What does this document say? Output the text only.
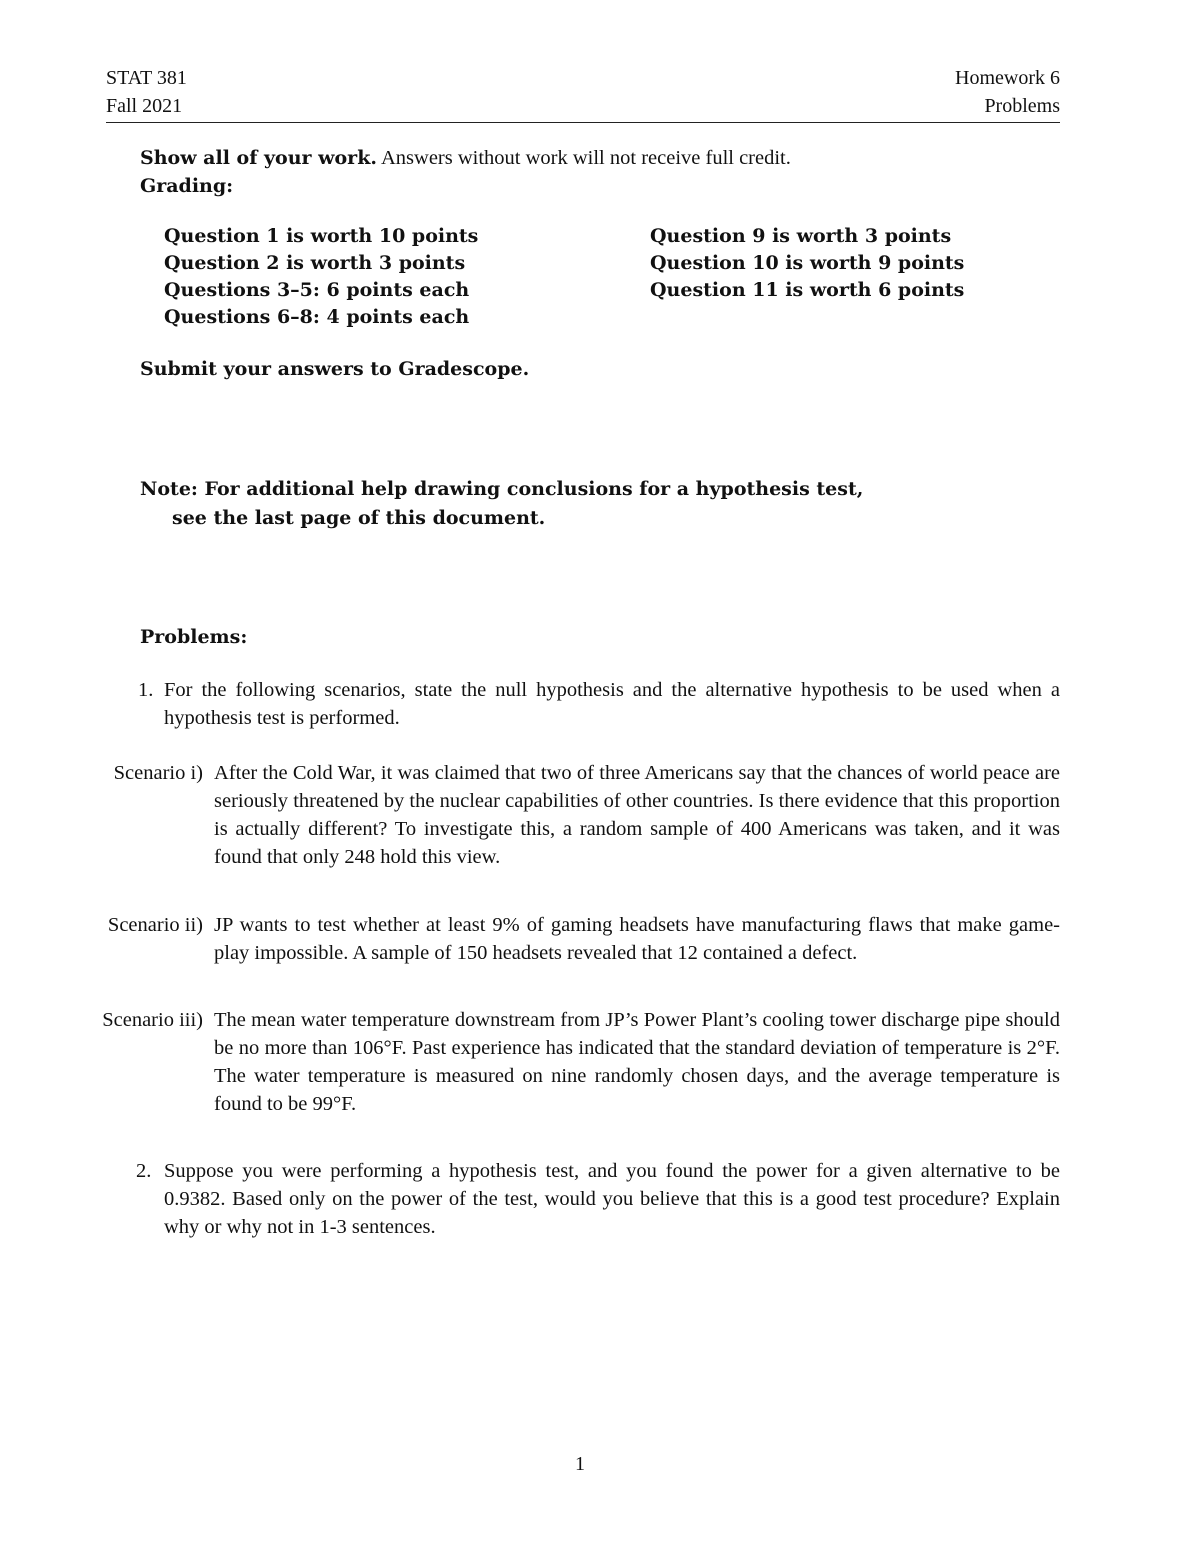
STAT 381
Fall 2021
Homework 6
Problems
Show all of your work. Answers without work will not receive full credit.
Grading:
Question 1 is worth 10 points
Question 2 is worth 3 points
Questions 3–5: 6 points each
Questions 6–8: 4 points each
Question 9 is worth 3 points
Question 10 is worth 9 points
Question 11 is worth 6 points
Submit your answers to Gradescope.
Note: For additional help drawing conclusions for a hypothesis test,
see the last page of this document.
Problems:
1. For the following scenarios, state the null hypothesis and the alternative hypothesis to be used when a hypothesis test is performed.
Scenario i) After the Cold War, it was claimed that two of three Americans say that the chances of world peace are seriously threatened by the nuclear capabilities of other countries. Is there evidence that this proportion is actually different? To investigate this, a random sample of 400 Americans was taken, and it was found that only 248 hold this view.
Scenario ii) JP wants to test whether at least 9% of gaming headsets have manufacturing flaws that make game-play impossible. A sample of 150 headsets revealed that 12 contained a defect.
Scenario iii) The mean water temperature downstream from JP’s Power Plant’s cooling tower discharge pipe should be no more than 106°F. Past experience has indicated that the standard deviation of temperature is 2°F. The water temperature is measured on nine randomly chosen days, and the average temperature is found to be 99°F.
2. Suppose you were performing a hypothesis test, and you found the power for a given alternative to be 0.9382. Based only on the power of the test, would you believe that this is a good test procedure? Explain why or why not in 1-3 sentences.
1
